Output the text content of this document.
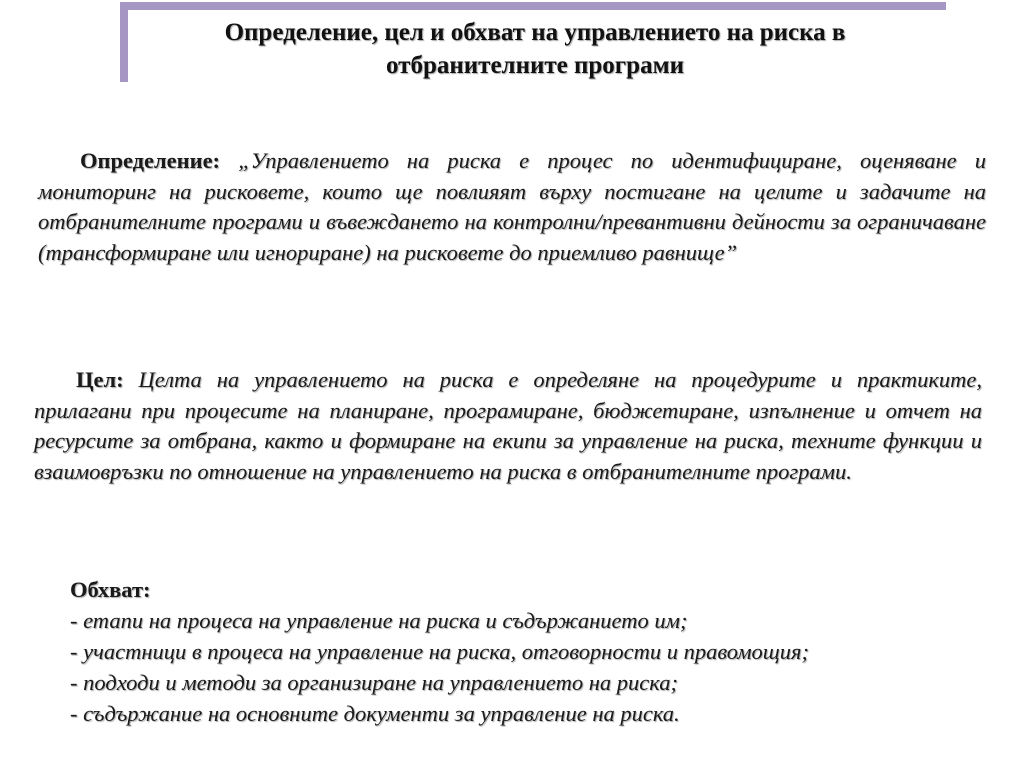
Определение, цел и обхват на управлението на риска в отбранителните програми
Определение: „Управлението на риска е процес по идентифициране, оценяване и мониторинг на рисковете, които ще повлияят върху постигане на целите и задачите на отбранителните програми и въвеждането на контролни/превантивни дейности за ограничаване (трансформиране или игнориране) на рисковете до приемливо равнище”
Цел: Целта на управлението на риска е определяне на процедурите и практиките, прилагани при процесите на планиране, програмиране, бюджетиране, изпълнение и отчет на ресурсите за отбрана, както и формиране на екипи за управление на риска, техните функции и взаимовръзки по отношение на управлението на риска в отбранителните програми.
Обхват:
- етапи на процеса на управление на риска и съдържанието им;
- участници в процеса на управление на риска, отговорности и правомощия;
- подходи и методи за организиране на управлението на риска;
- съдържание на основните документи за управление на риска.
